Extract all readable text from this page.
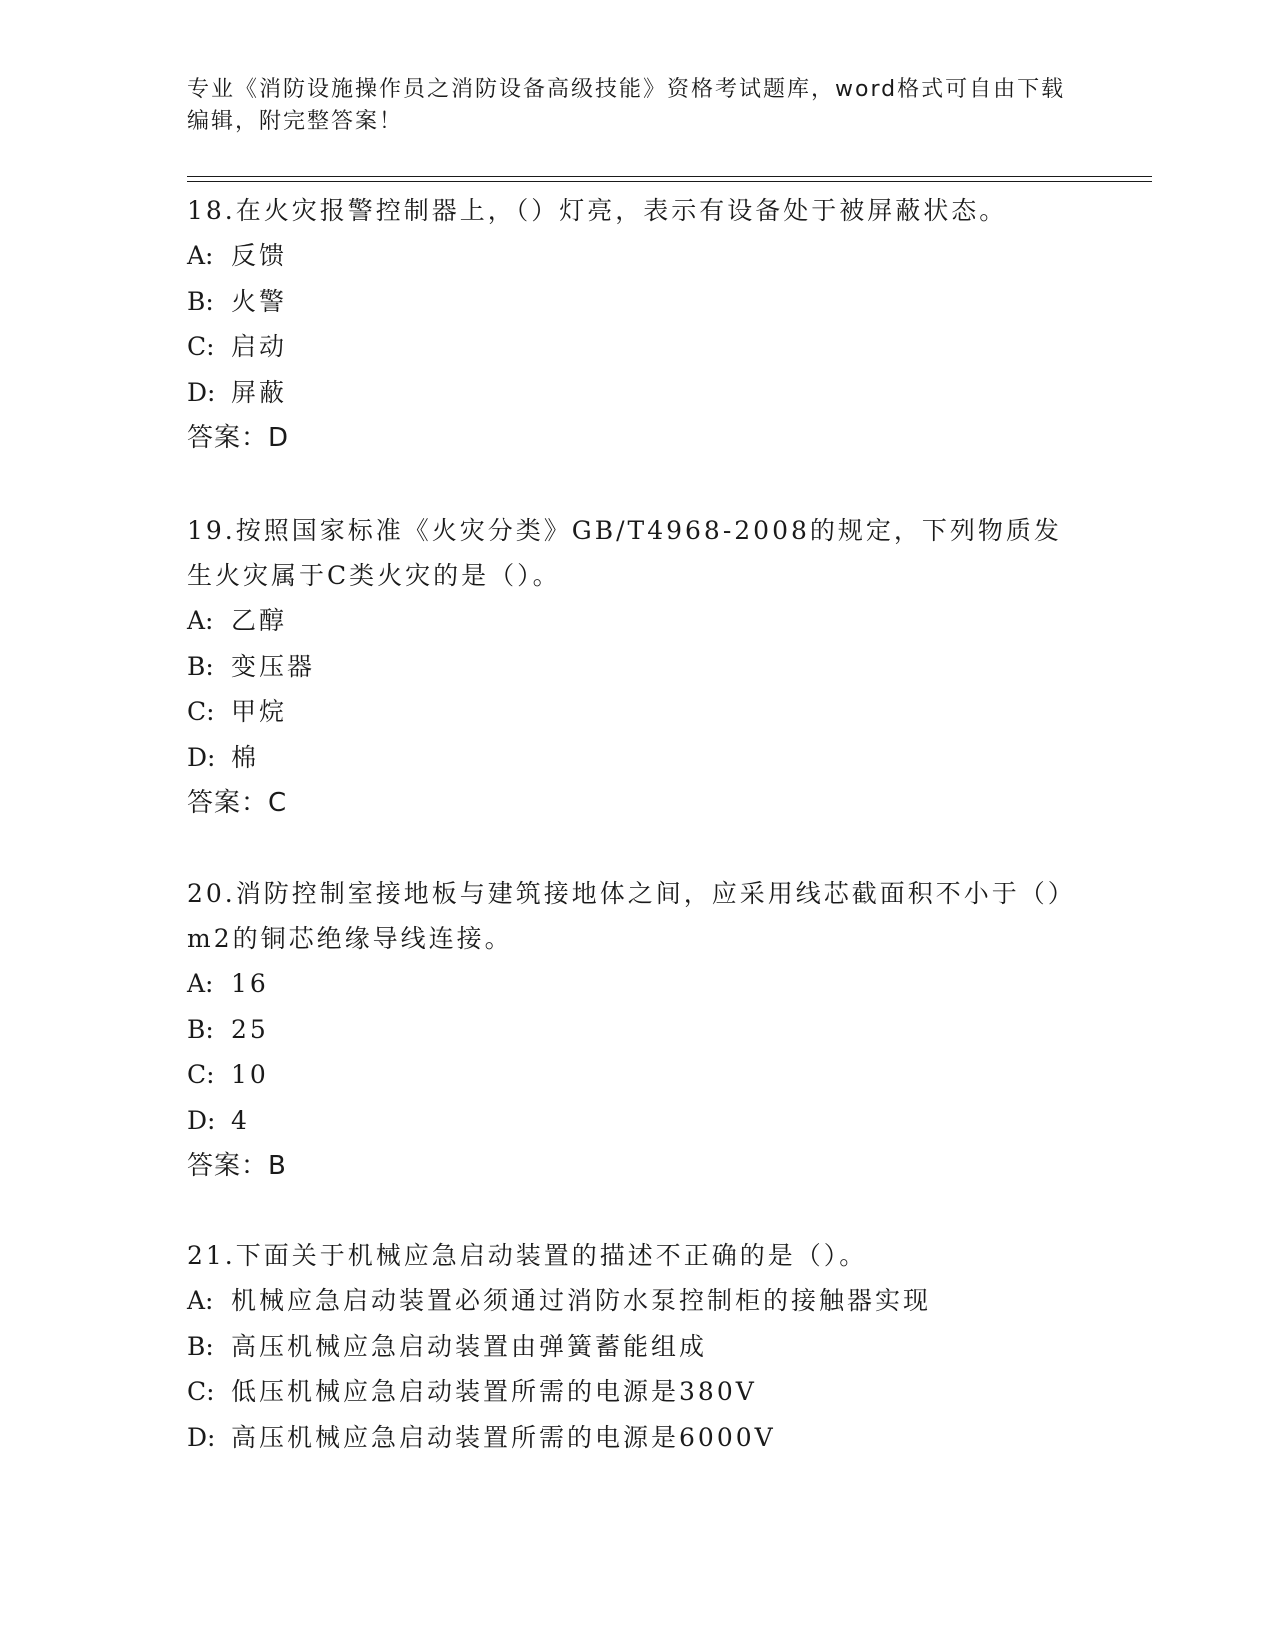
专业《消防设施操作员之消防设备高级技能》资格考试题库，word格式可自由下载编辑，附完整答案！

18.在火灾报警控制器上，（）灯亮，表示有设备处于被屏蔽状态。

A: 反馈

B: 火警

C: 启动

D: 屏蔽

答案：D

19.按照国家标准《火灾分类》GB/T4968-2008的规定，下列物质发生火灾属于C类火灾的是（）。

A: 乙醇

B: 变压器

C: 甲烷

D: 棉

答案：C

20.消防控制室接地板与建筑接地体之间，应采用线芯截面积不小于（）m2的铜芯绝缘导线连接。

A: 16

B: 25

C: 10

D: 4

答案：B

21.下面关于机械应急启动装置的描述不正确的是（）。

A: 机械应急启动装置必须通过消防水泵控制柜的接触器实现

B: 高压机械应急启动装置由弹簧蓄能组成

C: 低压机械应急启动装置所需的电源是380V

D: 高压机械应急启动装置所需的电源是6000V
